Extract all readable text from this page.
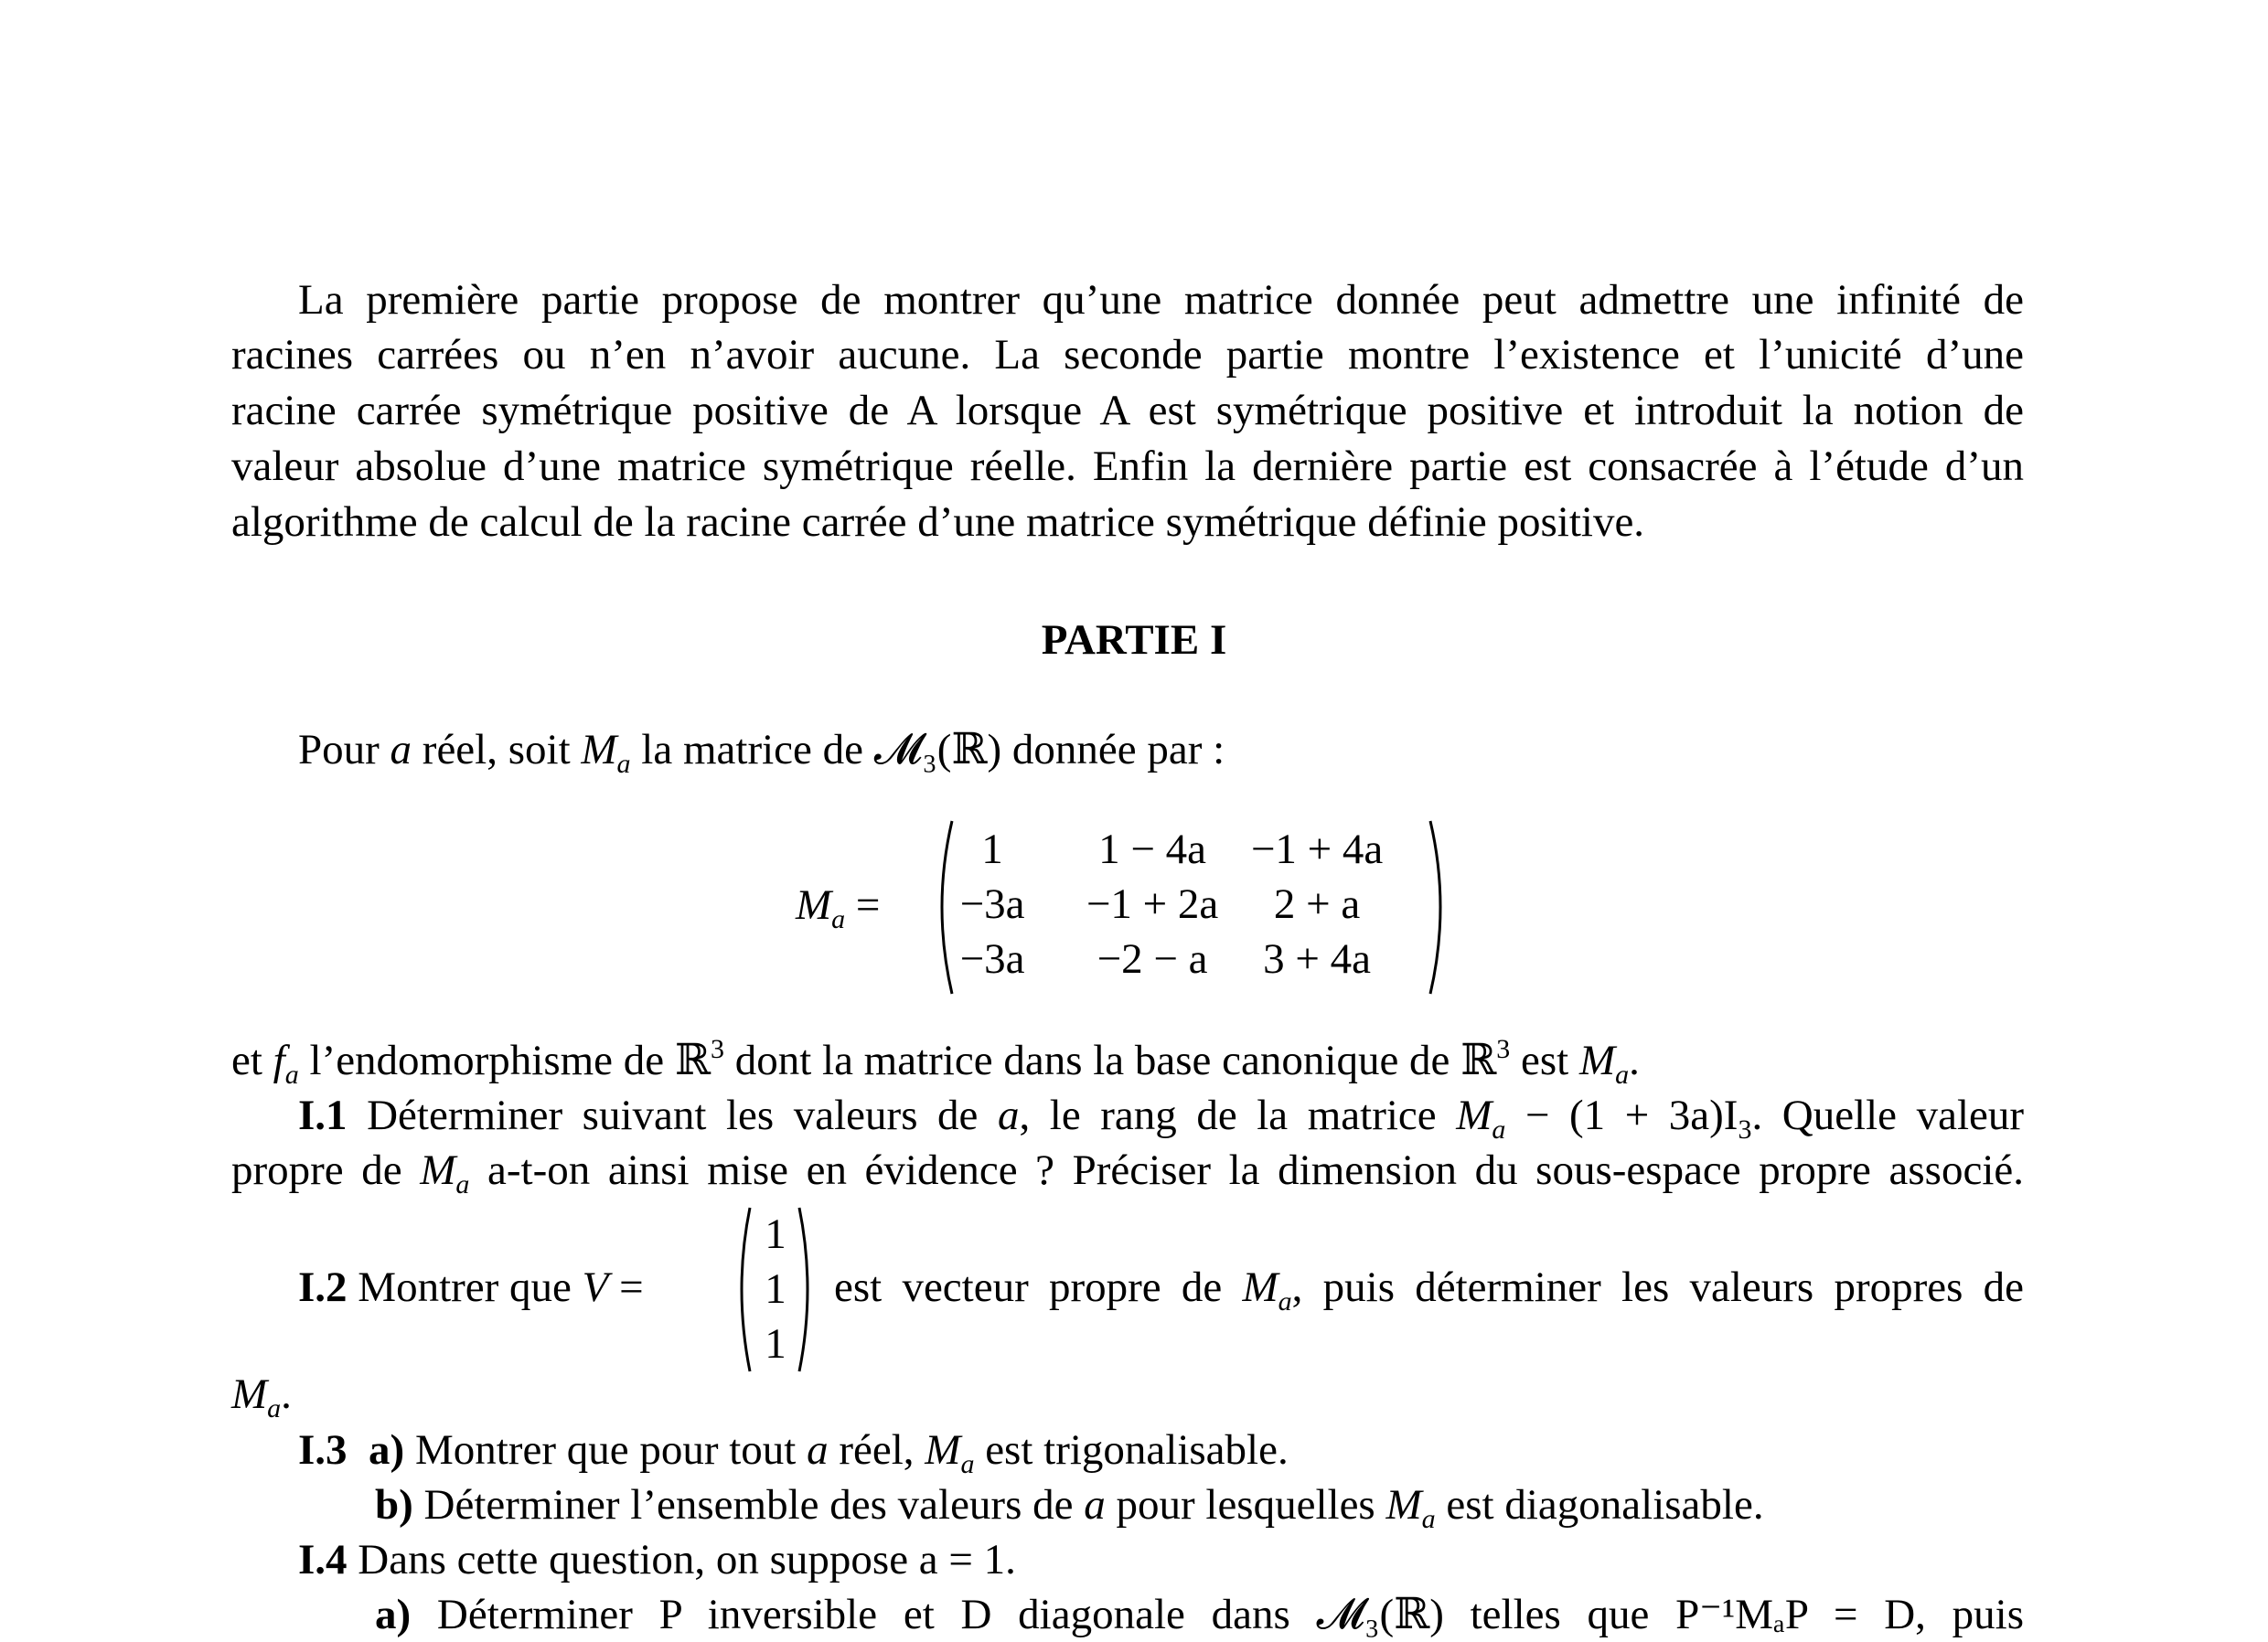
La première partie propose de montrer qu’une matrice donnée peut admettre une infinité de
racines carrées ou n’en n’avoir aucune. La seconde partie montre l’existence et l’unicité d’une
racine carrée symétrique positive de A lorsque A est symétrique positive et introduit la notion de
valeur absolue d’une matrice symétrique réelle. Enfin la dernière partie est consacrée à l’étude d’un
algorithme de calcul de la racine carrée d’une matrice symétrique définie positive.
PARTIE I
Pour a réel, soit $M_a$ la matrice de 𝓜₃(ℝ) donnée par :
$M_a$ =
1	1 − 4a	−1 + 4a
−3a	−1 + 2a	2 + a
−3a	−2 − a	3 + 4a
et $f_a$ l’endomorphisme de ℝ$^3$ dont la matrice dans la base canonique de ℝ$^3$ est $M_a$.
I.1 Déterminer suivant les valeurs de a, le rang de la matrice $M_a - (1 + 3a)I_3$. Quelle valeur
propre de $M_a$ a-t-on ainsi mise en évidence ? Préciser la dimension du sous-espace propre associé.
I.2 Montrer que V =
1
1
1
est vecteur propre de $M_a$, puis déterminer les valeurs propres de
$M_a$.
I.3 a) Montrer que pour tout a réel, $M_a$ est trigonalisable.
b) Déterminer l’ensemble des valeurs de a pour lesquelles $M_a$ est diagonalisable.
I.4 Dans cette question, on suppose a = 1.
a) Déterminer P inversible et D diagonale dans 𝓜₃(ℝ) telles que P⁻¹MₐP = D, puis
